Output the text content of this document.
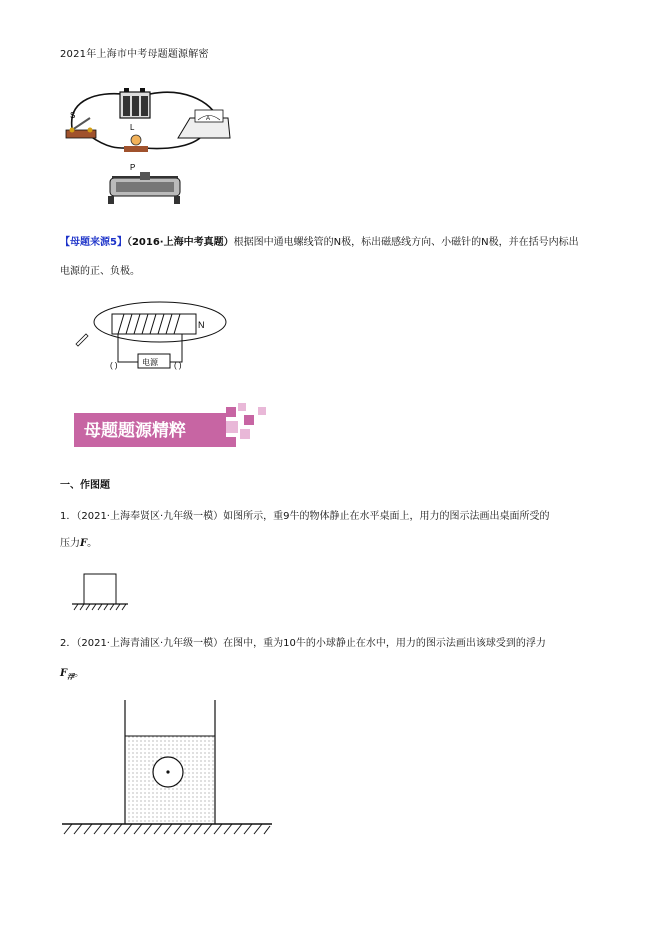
2021年上海市中考母题题源解密
S
L
A
P
【母题来源5】（2016·上海中考真题）根据图中通电螺线管的N极，标出磁感线方向、小磁针的N极，并在括号内标出
电源的正、负极。
N
电源
( )	( )
母题题源精粹
一、作图题
1．（2021·上海奉贤区·九年级一模）如图所示，重9牛的物体静止在水平桌面上，用力的图示法画出桌面所受的
压力F。
2．（2021·上海青浦区·九年级一模）在图中，重为10牛的小球静止在水中，用力的图示法画出该球受到的浮力
$F_浮$。
